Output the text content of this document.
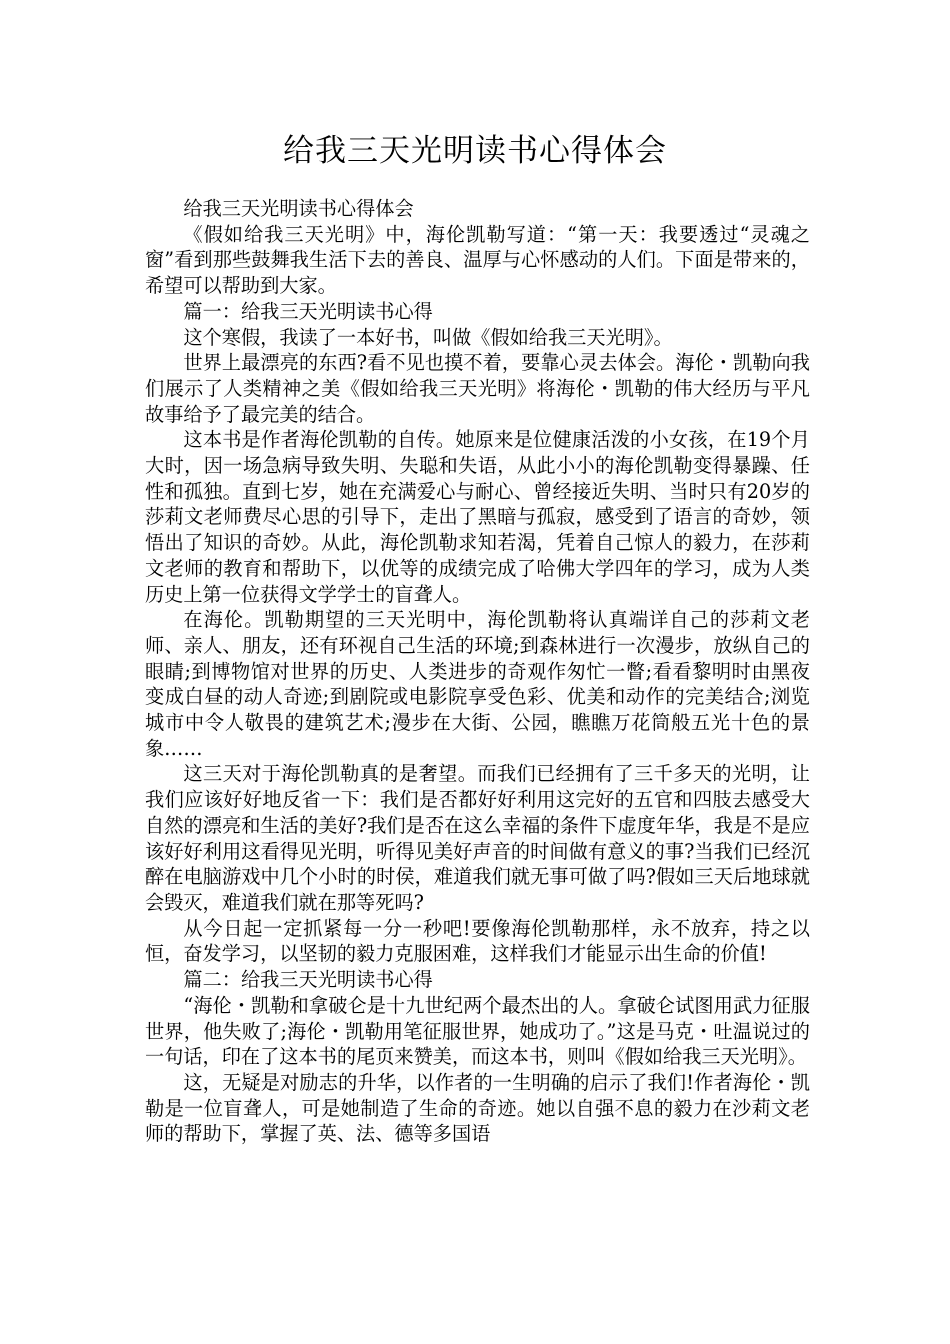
给我三天光明读书心得体会

给我三天光明读书心得体会

《假如给我三天光明》中，海伦凯勒写道：“第一天：我要透过“灵魂之窗”看到那些鼓舞我生活下去的善良、温厚与心怀感动的人们。下面是带来的，希望可以帮助到大家。

篇一：给我三天光明读书心得

这个寒假，我读了一本好书，叫做《假如给我三天光明》。

世界上最漂亮的东西?看不见也摸不着，要靠心灵去体会。海伦・凯勒向我们展示了人类精神之美《假如给我三天光明》将海伦・凯勒的伟大经历与平凡故事给予了最完美的结合。

这本书是作者海伦凯勒的自传。她原来是位健康活泼的小女孩，在19个月大时，因一场急病导致失明、失聪和失语，从此小小的海伦凯勒变得暴躁、任性和孤独。直到七岁，她在充满爱心与耐心、曾经接近失明、当时只有20岁的莎莉文老师费尽心思的引导下，走出了黑暗与孤寂，感受到了语言的奇妙，领悟出了知识的奇妙。从此，海伦凯勒求知若渴，凭着自己惊人的毅力，在莎莉文老师的教育和帮助下，以优等的成绩完成了哈佛大学四年的学习，成为人类历史上第一位获得文学学士的盲聋人。

在海伦。凯勒期望的三天光明中，海伦凯勒将认真端详自己的莎莉文老师、亲人、朋友，还有环视自己生活的环境;到森林进行一次漫步，放纵自己的眼睛;到博物馆对世界的历史、人类进步的奇观作匆忙一瞥;看看黎明时由黑夜变成白昼的动人奇迹;到剧院或电影院享受色彩、优美和动作的完美结合;浏览城市中令人敬畏的建筑艺术;漫步在大街、公园，瞧瞧万花筒般五光十色的景象……

这三天对于海伦凯勒真的是奢望。而我们已经拥有了三千多天的光明，让我们应该好好地反省一下：我们是否都好好利用这完好的五官和四肢去感受大自然的漂亮和生活的美好?我们是否在这么幸福的条件下虚度年华，我是不是应该好好利用这看得见光明，听得见美好声音的时间做有意义的事?当我们已经沉醉在电脑游戏中几个小时的时侯，难道我们就无事可做了吗?假如三天后地球就会毁灭，难道我们就在那等死吗?

从今日起一定抓紧每一分一秒吧!要像海伦凯勒那样，永不放弃，持之以恒，奋发学习，以坚韧的毅力克服困难，这样我们才能显示出生命的价值!

篇二：给我三天光明读书心得

“海伦・凯勒和拿破仑是十九世纪两个最杰出的人。拿破仑试图用武力征服世界，他失败了;海伦・凯勒用笔征服世界，她成功了。”这是马克・吐温说过的一句话，印在了这本书的尾页来赞美，而这本书，则叫《假如给我三天光明》。

这，无疑是对励志的升华，以作者的一生明确的启示了我们!作者海伦・凯勒是一位盲聋人，可是她制造了生命的奇迹。她以自强不息的毅力在沙莉文老师的帮助下，掌握了英、法、德等多国语
